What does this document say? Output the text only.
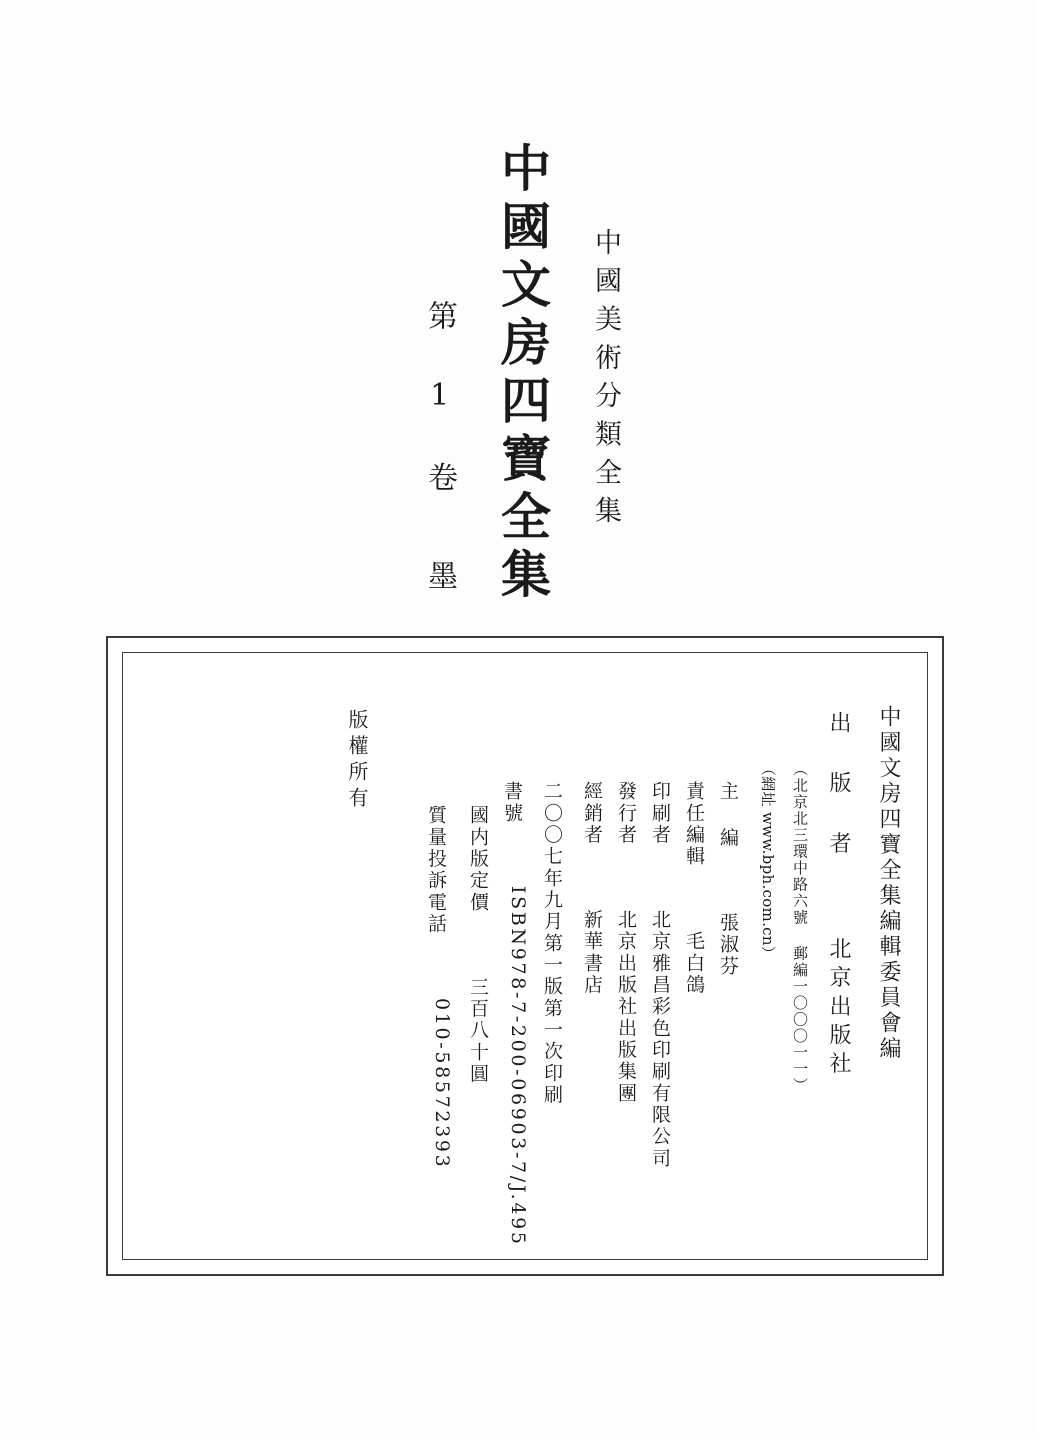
中國文房四寶全集 中國美術分類全集
第 1 卷
墨
中國文房四寶全集編輯委員會編
出 版 者  北京出版社
（北京北三環中路六號 郵編一〇〇〇一一）
（網址 www.bph.com.cn）
主 編  張淑芬
責任編輯  毛白鴿
印刷者  北京雅昌彩色印刷有限公司
發行者  北京出版社出版集團
經銷者  新華書店
二〇〇七年九月第一版第一次印刷
書號  ISBN978-7-200-06903-7/J.495
國内版定價  三百八十圓
質量投訴電話  010-58572393
版權所有
